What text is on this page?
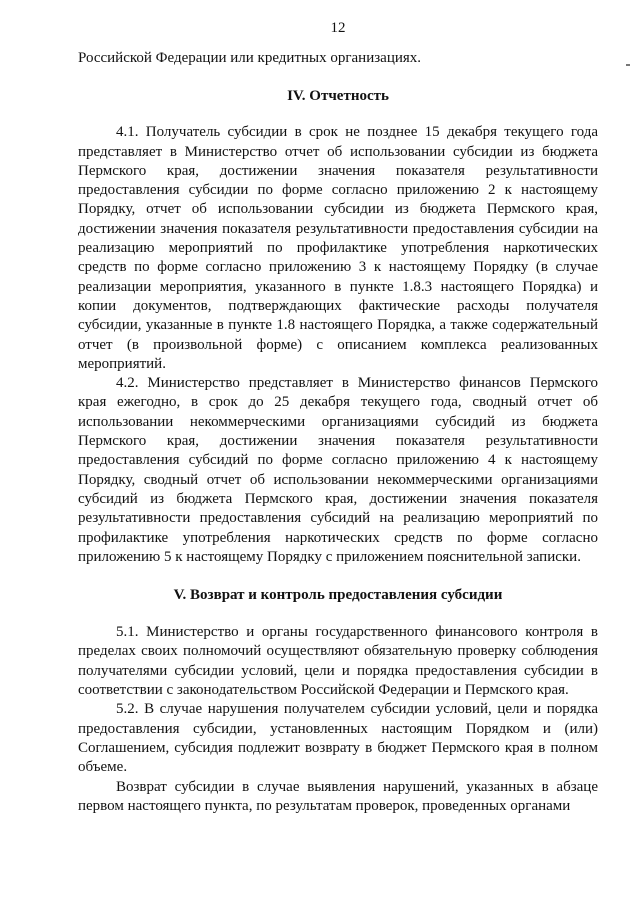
12

Российской Федерации или кредитных организациях.

IV. Отчетность

4.1. Получатель субсидии в срок не позднее 15 декабря текущего года представляет в Министерство отчет об использовании субсидии из бюджета Пермского края, достижении значения показателя результативности предоставления субсидии по форме согласно приложению 2 к настоящему Порядку, отчет об использовании субсидии из бюджета Пермского края, достижении значения показателя результативности предоставления субсидии на реализацию мероприятий по профилактике употребления наркотических средств по форме согласно приложению 3 к настоящему Порядку (в случае реализации мероприятия, указанного в пункте 1.8.3 настоящего Порядка) и копии документов, подтверждающих фактические расходы получателя субсидии, указанные в пункте 1.8 настоящего Порядка, а также содержательный отчет (в произвольной форме) с описанием комплекса реализованных мероприятий.

4.2. Министерство представляет в Министерство финансов Пермского края ежегодно, в срок до 25 декабря текущего года, сводный отчет об использовании некоммерческими организациями субсидий из бюджета Пермского края, достижении значения показателя результативности предоставления субсидий по форме согласно приложению 4 к настоящему Порядку, сводный отчет об использовании некоммерческими организациями субсидий из бюджета Пермского края, достижении значения показателя результативности предоставления субсидий на реализацию мероприятий по профилактике употребления наркотических средств по форме согласно приложению 5 к настоящему Порядку с приложением пояснительной записки.

V. Возврат и контроль предоставления субсидии

5.1. Министерство и органы государственного финансового контроля в пределах своих полномочий осуществляют обязательную проверку соблюдения получателями субсидии условий, цели и порядка предоставления субсидии в соответствии с законодательством Российской Федерации и Пермского края.

5.2. В случае нарушения получателем субсидии условий, цели и порядка предоставления субсидии, установленных настоящим Порядком и (или) Соглашением, субсидия подлежит возврату в бюджет Пермского края в полном объеме.

Возврат субсидии в случае выявления нарушений, указанных в абзаце первом настоящего пункта, по результатам проверок, проведенных органами
